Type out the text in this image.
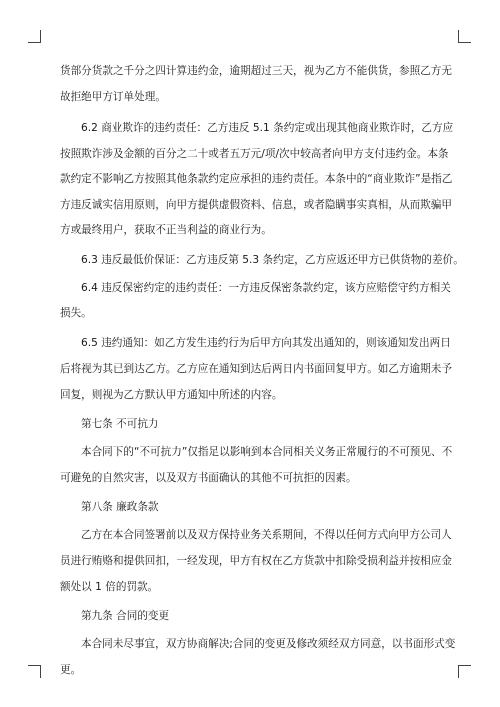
货部分货款之千分之四计算违约金，逾期超过三天，视为乙方不能供货，参照乙方无
故拒绝甲方订单处理。
6.2 商业欺诈的违约责任：乙方违反 5.1 条约定或出现其他商业欺诈时，乙方应
按照欺诈涉及金额的百分之二十或者五万元/项/次中较高者向甲方支付违约金。本条
款约定不影响乙方按照其他条款约定应承担的违约责任。本条中的“商业欺诈”是指乙
方违反诚实信用原则，向甲方提供虚假资料、信息，或者隐瞒事实真相，从而欺骗甲
方或最终用户，获取不正当利益的商业行为。
6.3 违反最低价保证：乙方违反第 5.3 条约定，乙方应返还甲方已供货物的差价。
6.4 违反保密约定的违约责任：一方违反保密条款约定，该方应赔偿守约方相关
损失。
6.5 违约通知：如乙方发生违约行为后甲方向其发出通知的，则该通知发出两日
后将视为其已到达乙方。乙方应在通知到达后两日内书面回复甲方。如乙方逾期未予
回复，则视为乙方默认甲方通知中所述的内容。
第七条 不可抗力
本合同下的“不可抗力”仅指足以影响到本合同相关义务正常履行的不可预见、不
可避免的自然灾害，以及双方书面确认的其他不可抗拒的因素。
第八条 廉政条款
乙方在本合同签署前以及双方保持业务关系期间，不得以任何方式向甲方公司人
员进行贿赂和提供回扣，一经发现，甲方有权在乙方货款中扣除受损利益并按相应金
额处以 1 倍的罚款。
第九条 合同的变更
本合同未尽事宜，双方协商解决;合同的变更及修改须经双方同意，以书面形式变
更。
